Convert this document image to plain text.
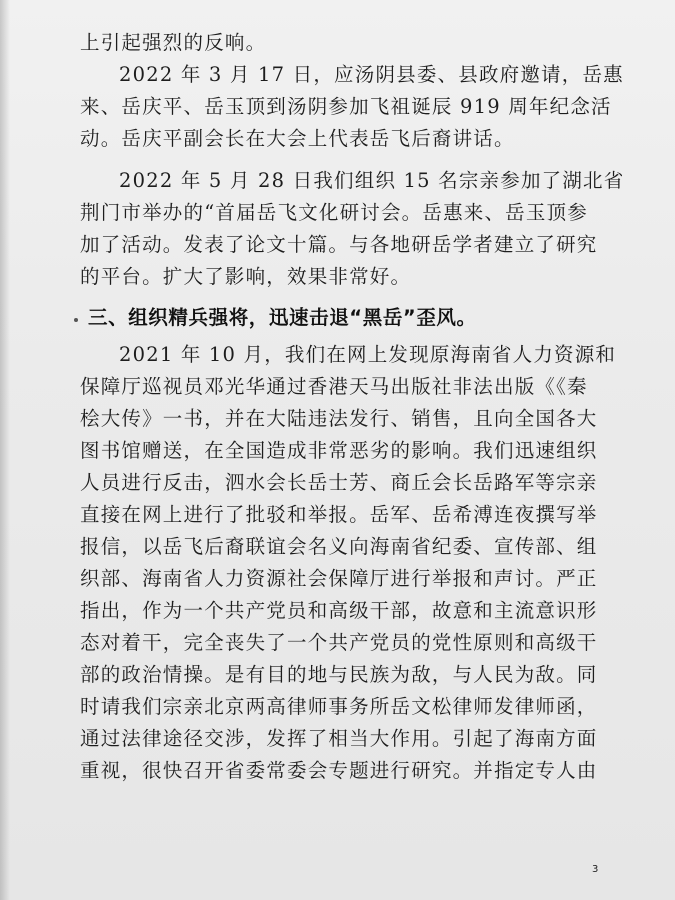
上引起强烈的反响。
2022 年 3 月 17 日，应汤阴县委、县政府邀请，岳惠
来、岳庆平、岳玉顶到汤阴参加飞祖诞辰 919 周年纪念活
动。岳庆平副会长在大会上代表岳飞后裔讲话。
2022 年 5 月 28 日我们组织 15 名宗亲参加了湖北省
荆门市举办的“首届岳飞文化研讨会。岳惠来、岳玉顶参
加了活动。发表了论文十篇。与各地研岳学者建立了研究
的平台。扩大了影响，效果非常好。
三、组织精兵强将，迅速击退“黑岳”歪风。
2021 年 10 月，我们在网上发现原海南省人力资源和
保障厅巡视员邓光华通过香港天马出版社非法出版《《秦
桧大传》一书，并在大陆违法发行、销售，且向全国各大
图书馆赠送，在全国造成非常恶劣的影响。我们迅速组织
人员进行反击，泗水会长岳士芳、商丘会长岳路军等宗亲
直接在网上进行了批驳和举报。岳军、岳希溥连夜撰写举
报信，以岳飞后裔联谊会名义向海南省纪委、宣传部、组
织部、海南省人力资源社会保障厅进行举报和声讨。严正
指出，作为一个共产党员和高级干部，故意和主流意识形
态对着干，完全丧失了一个共产党员的党性原则和高级干
部的政治情操。是有目的地与民族为敌，与人民为敌。同
时请我们宗亲北京两高律师事务所岳文松律师发律师函，
通过法律途径交涉，发挥了相当大作用。引起了海南方面
重视，很快召开省委常委会专题进行研究。并指定专人由
3
